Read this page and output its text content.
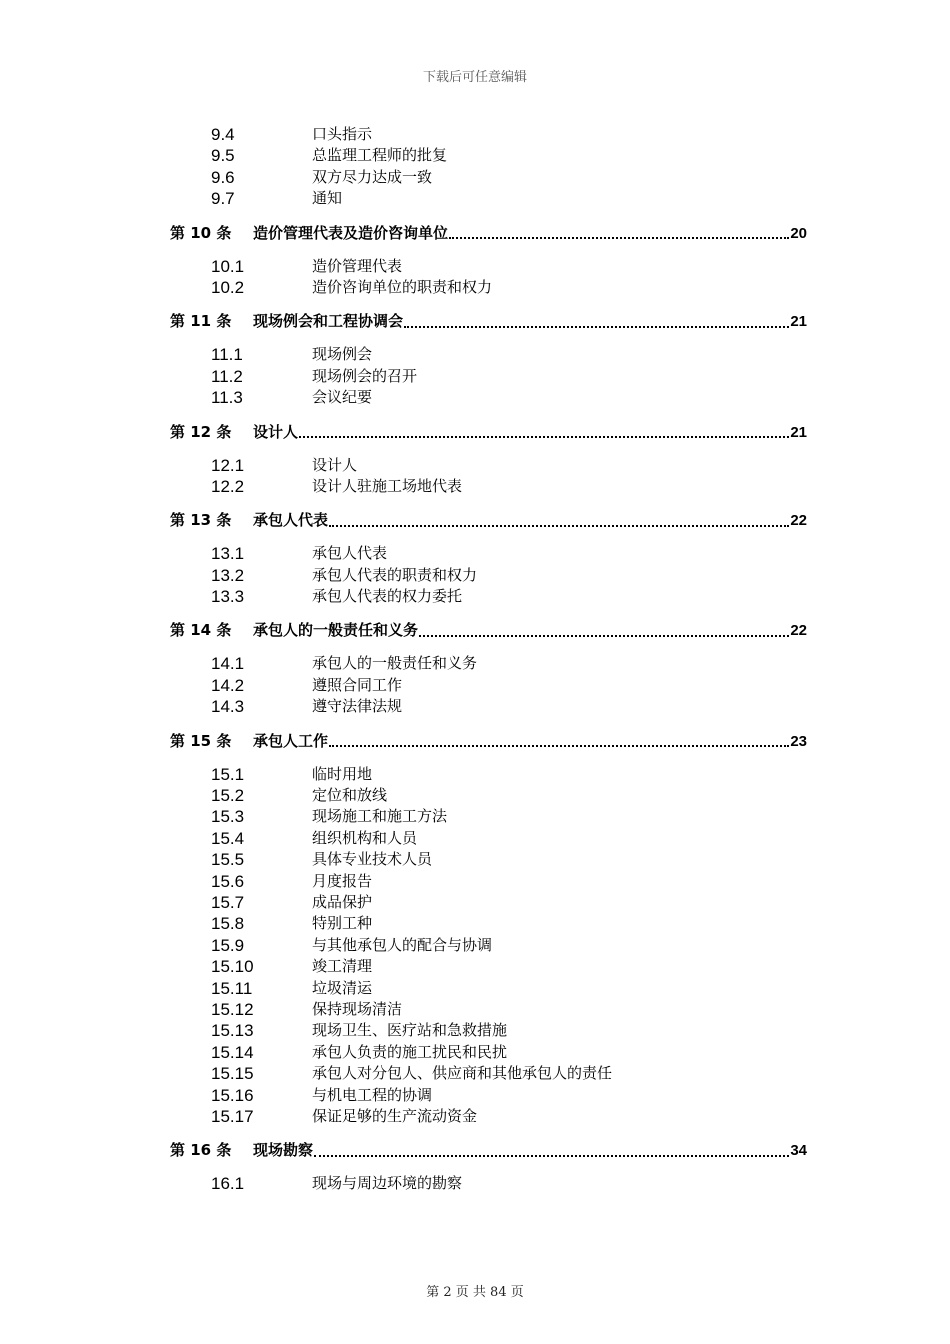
下载后可任意编辑
9.4	口头指示
9.5	总监理工程师的批复
9.6	双方尽力达成一致
9.7	通知
第 10 条 造价管理代表及造价咨询单位	20
10.1	造价管理代表
10.2	造价咨询单位的职责和权力
第 11 条 现场例会和工程协调会	21
11.1	现场例会
11.2	现场例会的召开
11.3	会议纪要
第 12 条 设计人	21
12.1	设计人
12.2	设计人驻施工场地代表
第 13 条 承包人代表	22
13.1	承包人代表
13.2	承包人代表的职责和权力
13.3	承包人代表的权力委托
第 14 条 承包人的一般责任和义务	22
14.1	承包人的一般责任和义务
14.2	遵照合同工作
14.3	遵守法律法规
第 15 条 承包人工作	23
15.1	临时用地
15.2	定位和放线
15.3	现场施工和施工方法
15.4	组织机构和人员
15.5	具体专业技术人员
15.6	月度报告
15.7	成品保护
15.8	特别工种
15.9	与其他承包人的配合与协调
15.10	竣工清理
15.11	垃圾清运
15.12	保持现场清洁
15.13	现场卫生、医疗站和急救措施
15.14	承包人负责的施工扰民和民扰
15.15	承包人对分包人、供应商和其他承包人的责任
15.16	与机电工程的协调
15.17	保证足够的生产流动资金
第 16 条 现场勘察	34
16.1	现场与周边环境的勘察
第 2 页 共 84 页
